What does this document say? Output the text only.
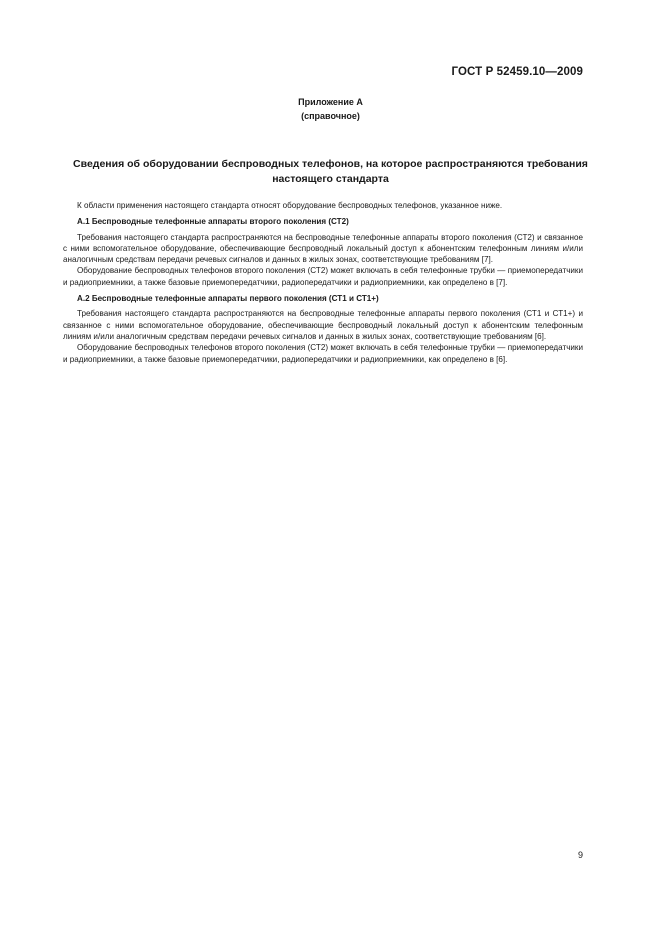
ГОСТ Р 52459.10—2009
Приложение А
(справочное)
Сведения об оборудовании беспроводных телефонов, на которое распространяются требования настоящего стандарта

К области применения настоящего стандарта относят оборудование беспроводных телефонов, указанное ниже.

А.1 Беспроводные телефонные аппараты второго поколения (СТ2)

Требования настоящего стандарта распространяются на беспроводные телефонные аппараты второго поколения (СТ2) и связанное с ними вспомогательное оборудование, обеспечивающие беспроводный локальный доступ к абонентским телефонным линиям и/или аналогичным средствам передачи речевых сигналов и данных в жилых зонах, соответствующие требованиям [7].

Оборудование беспроводных телефонов второго поколения (СТ2) может включать в себя телефонные трубки — приемопередатчики и радиоприемники, а также базовые приемопередатчики, радиопередатчики и радиоприемники, как определено в [7].

А.2 Беспроводные телефонные аппараты первого поколения (СТ1 и СТ1+)

Требования настоящего стандарта распространяются на беспроводные телефонные аппараты первого поколения (СТ1 и СТ1+) и связанное с ними вспомогательное оборудование, обеспечивающие беспроводный локальный доступ к абонентским телефонным линиям и/или аналогичным средствам передачи речевых сигналов и данных в жилых зонах, соответствующие требованиям [6].

Оборудование беспроводных телефонов второго поколения (СТ2) может включать в себя телефонные трубки — приемопередатчики и радиоприемники, а также базовые приемопередатчики, радиопередатчики и радиоприемники, как определено в [6].

9
